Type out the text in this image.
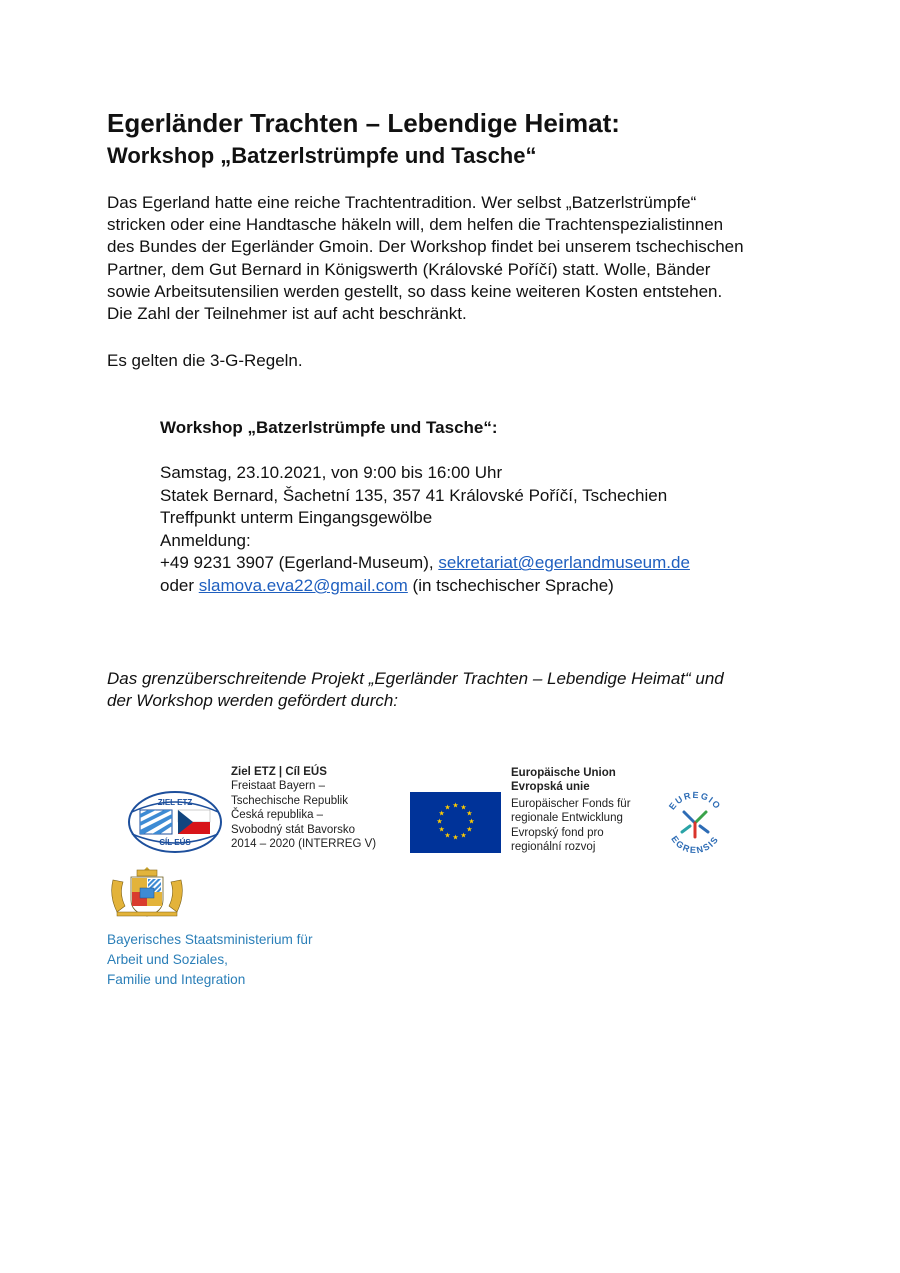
Egerländer Trachten – Lebendige Heimat:
Workshop „Batzerlstrümpfe und Tasche“
Das Egerland hatte eine reiche Trachtentradition. Wer selbst „Batzerlstrümpfe“
stricken oder eine Handtasche häkeln will, dem helfen die Trachtenspezialistinnen
des Bundes der Egerländer Gmoin. Der Workshop findet bei unserem tschechischen
Partner, dem Gut Bernard in Königswerth (Královské Poříčí) statt. Wolle, Bänder
sowie Arbeitsutensilien werden gestellt, so dass keine weiteren Kosten entstehen.
Die Zahl der Teilnehmer ist auf acht beschränkt.
Es gelten die 3-G-Regeln.
Workshop „Batzerlstrümpfe und Tasche“:
Samstag, 23.10.2021, von 9:00 bis 16:00 Uhr
Statek Bernard, Šachetní 135, 357 41 Královské Poříčí, Tschechien
Treffpunkt unterm Eingangsgewölbe
Anmeldung:
+49 9231 3907 (Egerland-Museum), sekretariat@egerlandmuseum.de
oder slamova.eva22@gmail.com (in tschechischer Sprache)
Das grenzüberschreitende Projekt „Egerländer Trachten – Lebendige Heimat“ und
der Workshop werden gefördert durch:
ZIEL ETZ
CÍL EÚS
Ziel ETZ | Cíl EÚS
Freistaat Bayern –
Tschechische Republik
Česká republika –
Svobodný stát Bavorsko
2014 – 2020 (INTERREG V)
★ ★
★
★
★
★
★
★
★
★
★
★
Europäische Union
Evropská unie
Europäischer Fonds für
regionale Entwicklung
Evropský fond pro
regionální rozvoj
EUREGIO
EGRENSIS
Bayerisches Staatsministerium für
Arbeit und Soziales,
Familie und Integration
